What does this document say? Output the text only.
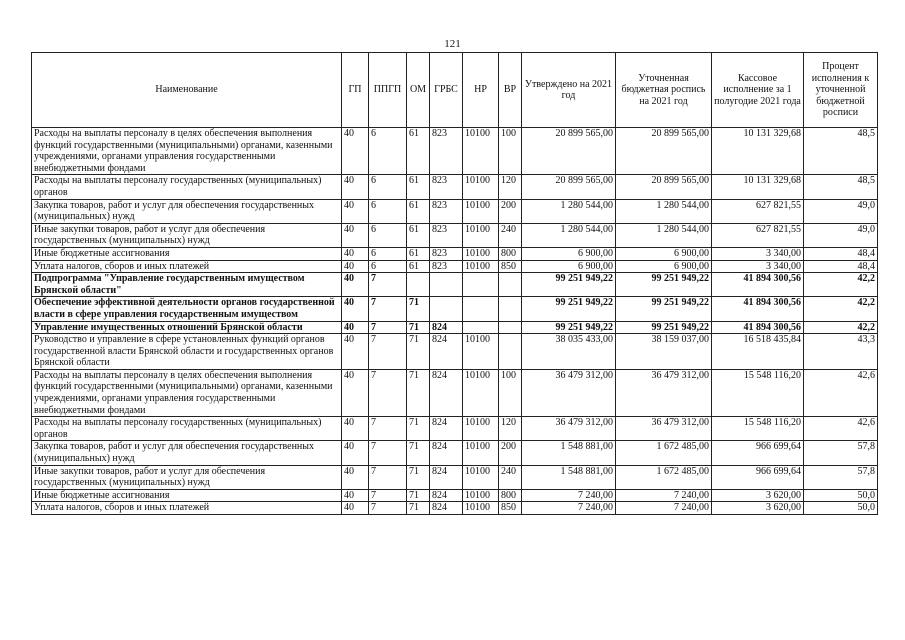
121
Наименование	ГП	ППГП	ОМ	ГРБС	НР	ВР	Утверждено на 2021 год	Уточненная бюджетная роспись на 2021 год	Кассовое исполнение за 1 полугодие 2021 года	Процент исполнения к уточненной бюджетной росписи
Расходы на выплаты персоналу в целях обеспечения выполнения функций государственными (муниципальными) органами, казенными учреждениями, органами управления государственными внебюджетными фондами	40	6	61	823	10100	100	20 899 565,00	20 899 565,00	10 131 329,68	48,5
Расходы на выплаты персоналу государственных (муниципальных) органов	40	6	61	823	10100	120	20 899 565,00	20 899 565,00	10 131 329,68	48,5
Закупка товаров, работ и услуг для обеспечения государственных (муниципальных) нужд	40	6	61	823	10100	200	1 280 544,00	1 280 544,00	627 821,55	49,0
Иные закупки товаров, работ и услуг для обеспечения государственных (муниципальных) нужд	40	6	61	823	10100	240	1 280 544,00	1 280 544,00	627 821,55	49,0
Иные бюджетные ассигнования	40	6	61	823	10100	800	6 900,00	6 900,00	3 340,00	48,4
Уплата налогов, сборов и иных платежей	40	6	61	823	10100	850	6 900,00	6 900,00	3 340,00	48,4
Подпрограмма "Управление государственным имуществом Брянской области"	40	7					99 251 949,22	99 251 949,22	41 894 300,56	42,2
Обеспечение эффективной деятельности органов государственной власти в сфере управления государственным имуществом	40	7	71				99 251 949,22	99 251 949,22	41 894 300,56	42,2
Управление имущественных отношений Брянской области	40	7	71	824			99 251 949,22	99 251 949,22	41 894 300,56	42,2
Руководство и управление в сфере установленных функций органов государственной власти Брянской области и государственных органов Брянской области	40	7	71	824	10100		38 035 433,00	38 159 037,00	16 518 435,84	43,3
Расходы на выплаты персоналу в целях обеспечения выполнения функций государственными (муниципальными) органами, казенными учреждениями, органами управления государственными внебюджетными фондами	40	7	71	824	10100	100	36 479 312,00	36 479 312,00	15 548 116,20	42,6
Расходы на выплаты персоналу государственных (муниципальных) органов	40	7	71	824	10100	120	36 479 312,00	36 479 312,00	15 548 116,20	42,6
Закупка товаров, работ и услуг для обеспечения государственных (муниципальных) нужд	40	7	71	824	10100	200	1 548 881,00	1 672 485,00	966 699,64	57,8
Иные закупки товаров, работ и услуг для обеспечения государственных (муниципальных) нужд	40	7	71	824	10100	240	1 548 881,00	1 672 485,00	966 699,64	57,8
Иные бюджетные ассигнования	40	7	71	824	10100	800	7 240,00	7 240,00	3 620,00	50,0
Уплата налогов, сборов и иных платежей	40	7	71	824	10100	850	7 240,00	7 240,00	3 620,00	50,0
